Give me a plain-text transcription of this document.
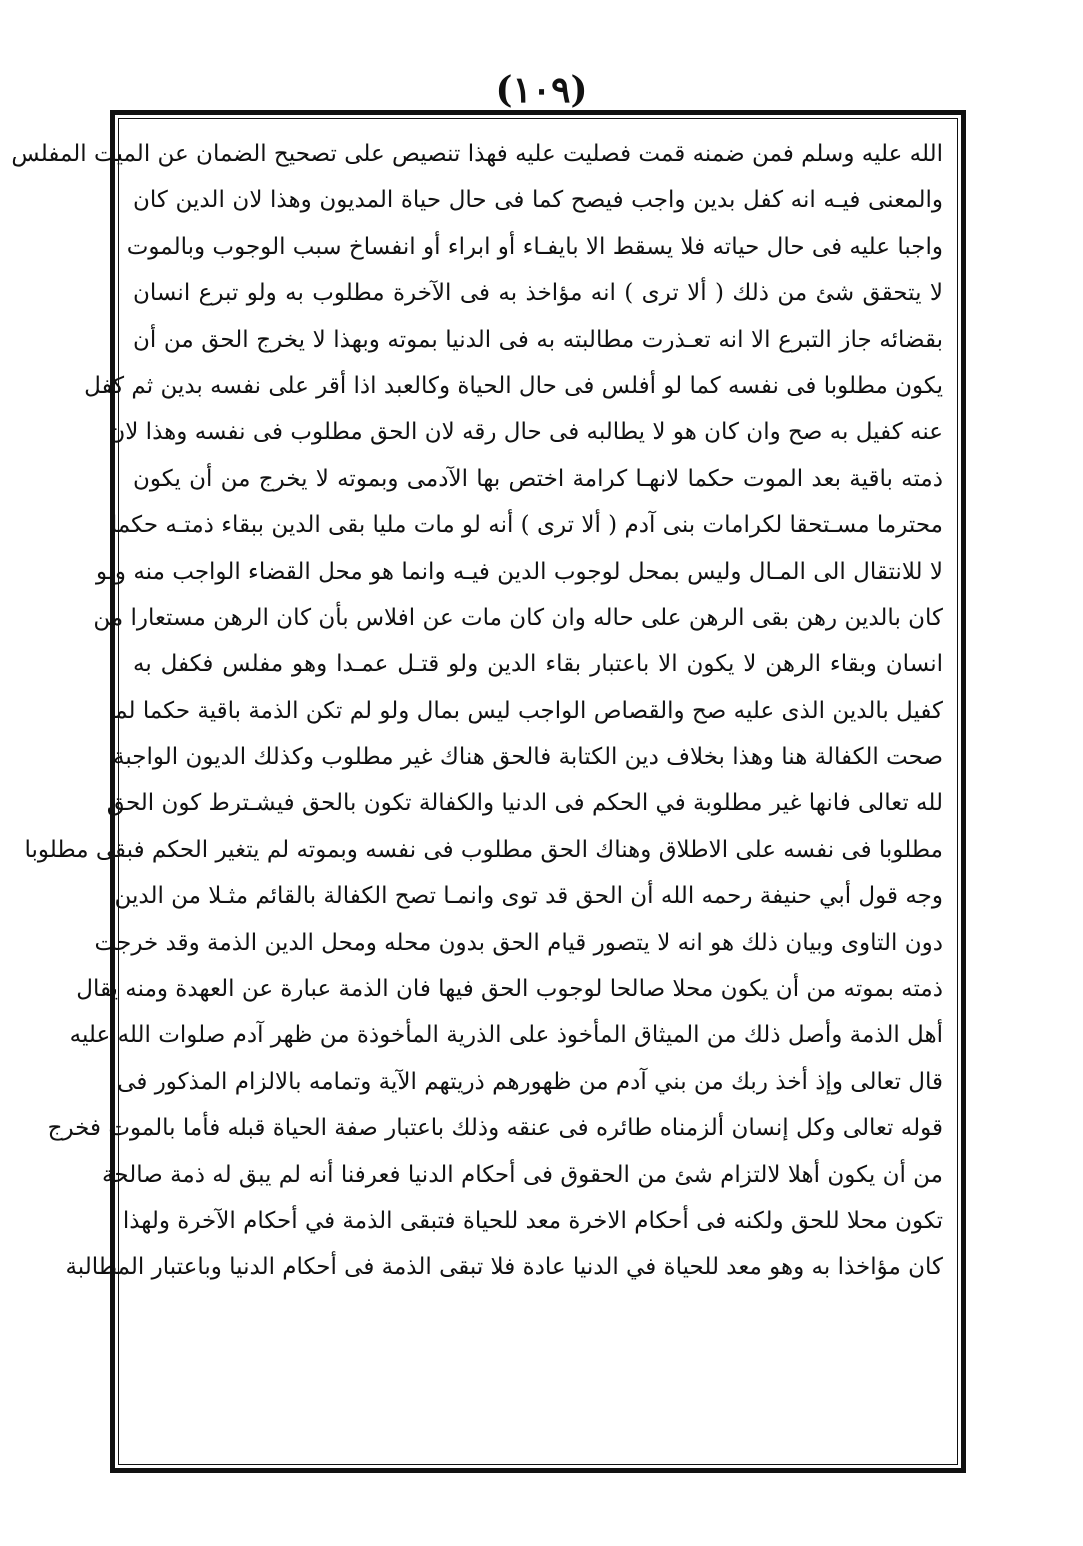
(١٠٩)
الله عليه وسلم فمن ضمنه قمت فصليت عليه فهذا تنصيص على تصحيح الضمان عن الميت المفلس
والمعنى فيـه انه كفل بدين واجب فيصح كما فى حال حياة المديون وهذا لان الدين كان
واجبا عليه فى حال حياته فلا يسقط الا بايفـاء أو ابراء أو انفساخ سبب الوجوب وبالموت
لا يتحقق شئ من ذلك ( ألا ترى ) انه مؤاخذ به فى الآخرة مطلوب به ولو تبرع انسان
بقضائه جاز التبرع الا انه تعـذرت مطالبته به فى الدنيا بموته وبهذا لا يخرج الحق من أن
يكون مطلوبا فى نفسه كما لو أفلس فى حال الحياة وكالعبد اذا أقر على نفسه بدين ثم كفل
عنه كفيل به صح وان كان هو لا يطالبه فى حال رقه لان الحق مطلوب فى نفسه وهذا لان
ذمته باقية بعد الموت حكما لانهـا كرامة اختص بها الآدمى وبموته لا يخرج من أن يكون
محترما مسـتحقا لكرامات بنى آدم ( ألا ترى ) أنه لو مات مليا بقى الدين ببقاء ذمتـه حكما
لا للانتقال الى المـال وليس بمحل لوجوب الدين فيـه وانما هو محل القضاء الواجب منه ولو
كان بالدين رهن بقى الرهن على حاله وان كان مات عن افلاس بأن كان الرهن مستعارا من
انسان وبقاء الرهن لا يكون الا باعتبار بقاء الدين ولو قتـل عمـدا وهو مفلس فكفل به
كفيل بالدين الذى عليه صح والقصاص الواجب ليس بمال ولو لم تكن الذمة باقية حكما لما
صحت الكفالة هنا وهذا بخلاف دين الكتابة فالحق هناك غير مطلوب وكذلك الديون الواجبة
لله تعالى فانها غير مطلوبة في الحكم فى الدنيا والكفالة تكون بالحق فيشـترط كون الحق
مطلوبا فى نفسه على الاطلاق وهناك الحق مطلوب فى نفسه وبموته لم يتغير الحكم فبقى مطلوبا
وجه قول أبي حنيفة رحمه الله أن الحق قد توى وانمـا تصح الكفالة بالقائم مثـلا من الدين
دون التاوى وبيان ذلك هو انه لا يتصور قيام الحق بدون محله ومحل الدين الذمة وقد خرجت
ذمته بموته من أن يكون محلا صالحا لوجوب الحق فيها فان الذمة عبارة عن العهدة ومنه يقال
أهل الذمة وأصل ذلك من الميثاق المأخوذ على الذرية المأخوذة من ظهر آدم صلوات الله عليه
قال تعالى وإذ أخذ ربك من بني آدم من ظهورهم ذريتهم الآية وتمامه بالالزام المذكور فى
قوله تعالى وكل إنسان ألزمناه طائره فى عنقه وذلك باعتبار صفة الحياة قبله فأما بالموت فخرج
من أن يكون أهلا لالتزام شئ من الحقوق فى أحكام الدنيا فعرفنا أنه لم يبق له ذمة صالحة
تكون محلا للحق ولكنه فى أحكام الاخرة معد للحياة فتبقى الذمة في أحكام الآخرة ولهذا
كان مؤاخذا به وهو معد للحياة في الدنيا عادة فلا تبقى الذمة فى أحكام الدنيا وباعتبار المطالبة
